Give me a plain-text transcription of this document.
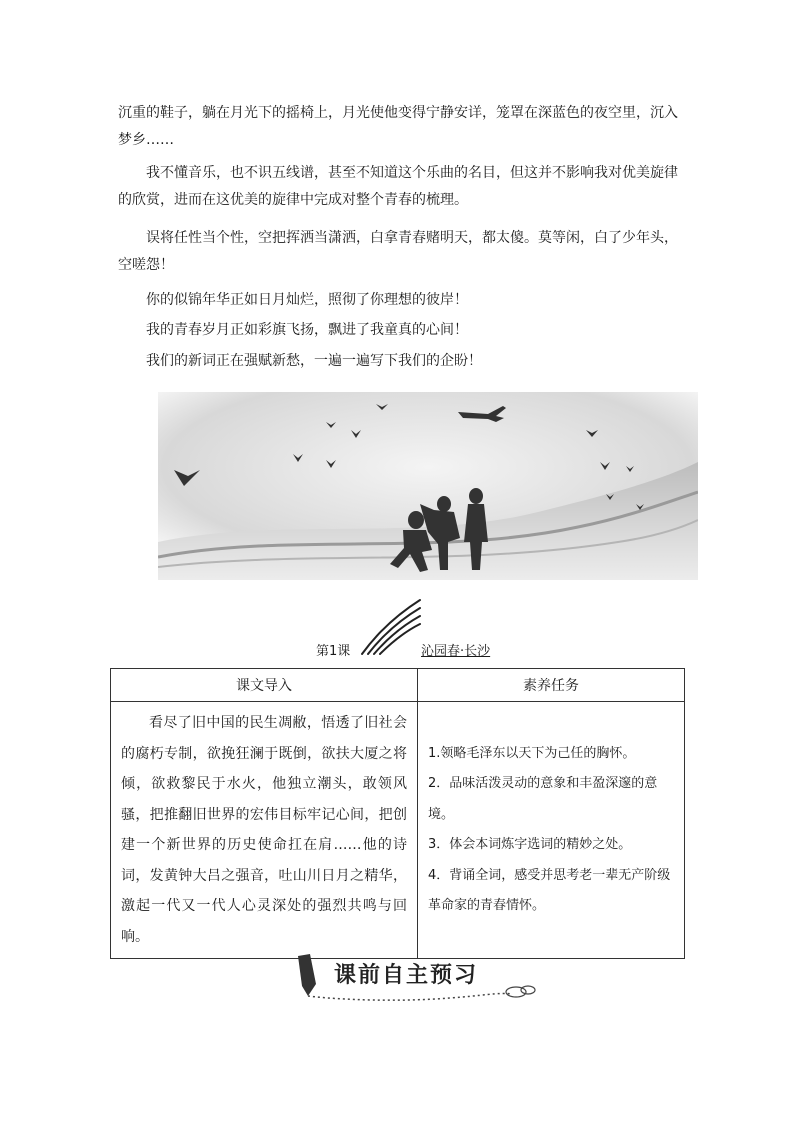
沉重的鞋子，躺在月光下的摇椅上，月光使他变得宁静安详，笼罩在深蓝色的夜空里，沉入梦乡……

我不懂音乐，也不识五线谱，甚至不知道这个乐曲的名目，但这并不影响我对优美旋律的欣赏，进而在这优美的旋律中完成对整个青春的梳理。

误将任性当个性，空把挥洒当潇洒，白拿青春赌明天，都太傻。莫等闲，白了少年头，空嗟怨！

你的似锦年华正如日月灿烂，照彻了你理想的彼岸！

我的青春岁月正如彩旗飞扬，飘进了我童真的心间！

我们的新词正在强赋新愁，一遍一遍写下我们的企盼！

第1课	沁园春·长沙
课文导入	素养任务
看尽了旧中国的民生凋敝，悟透了旧社会的腐朽专制，欲挽狂澜于既倒，欲扶大厦之将倾，欲救黎民于水火，他独立潮头，敢领风骚，把推翻旧世界的宏伟目标牢记心间，把创建一个新世界的历史使命扛在肩……他的诗词，发黄钟大吕之强音，吐山川日月之精华，激起一代又一代人心灵深处的强烈共鸣与回响。	1.领略毛泽东以天下为己任的胸怀。

2．品味活泼灵动的意象和丰盈深邃的意境。

3．体会本词炼字选词的精妙之处。

4．背诵全词，感受并思考老一辈无产阶级革命家的青春情怀。

课前自主预习
